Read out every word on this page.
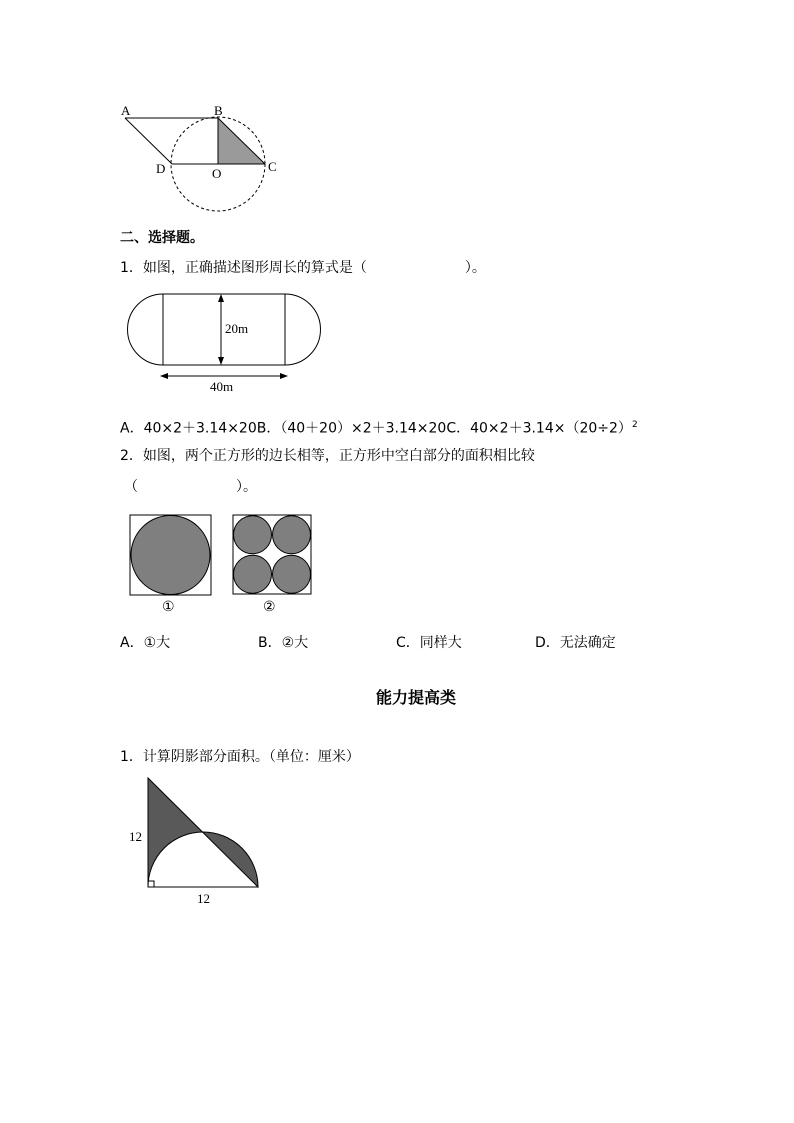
A	B
D	O	C
二、选择题。
1．如图，正确描述图形周长的算式是（　　　　　　　）。
20m
40m
A．40×2＋3.14×20B．（40＋20）×2＋3.14×20C．$40\times 2+3.14\times(20\div 2)^2$
2．如图，两个正方形的边长相等，正方形中空白部分的面积相比较
（　　　　　　　）。
①	②
A．①大	B．②大	C．同样大	D．无法确定
能力提高类
1．计算阴影部分面积。（单位：厘米）
12
12
